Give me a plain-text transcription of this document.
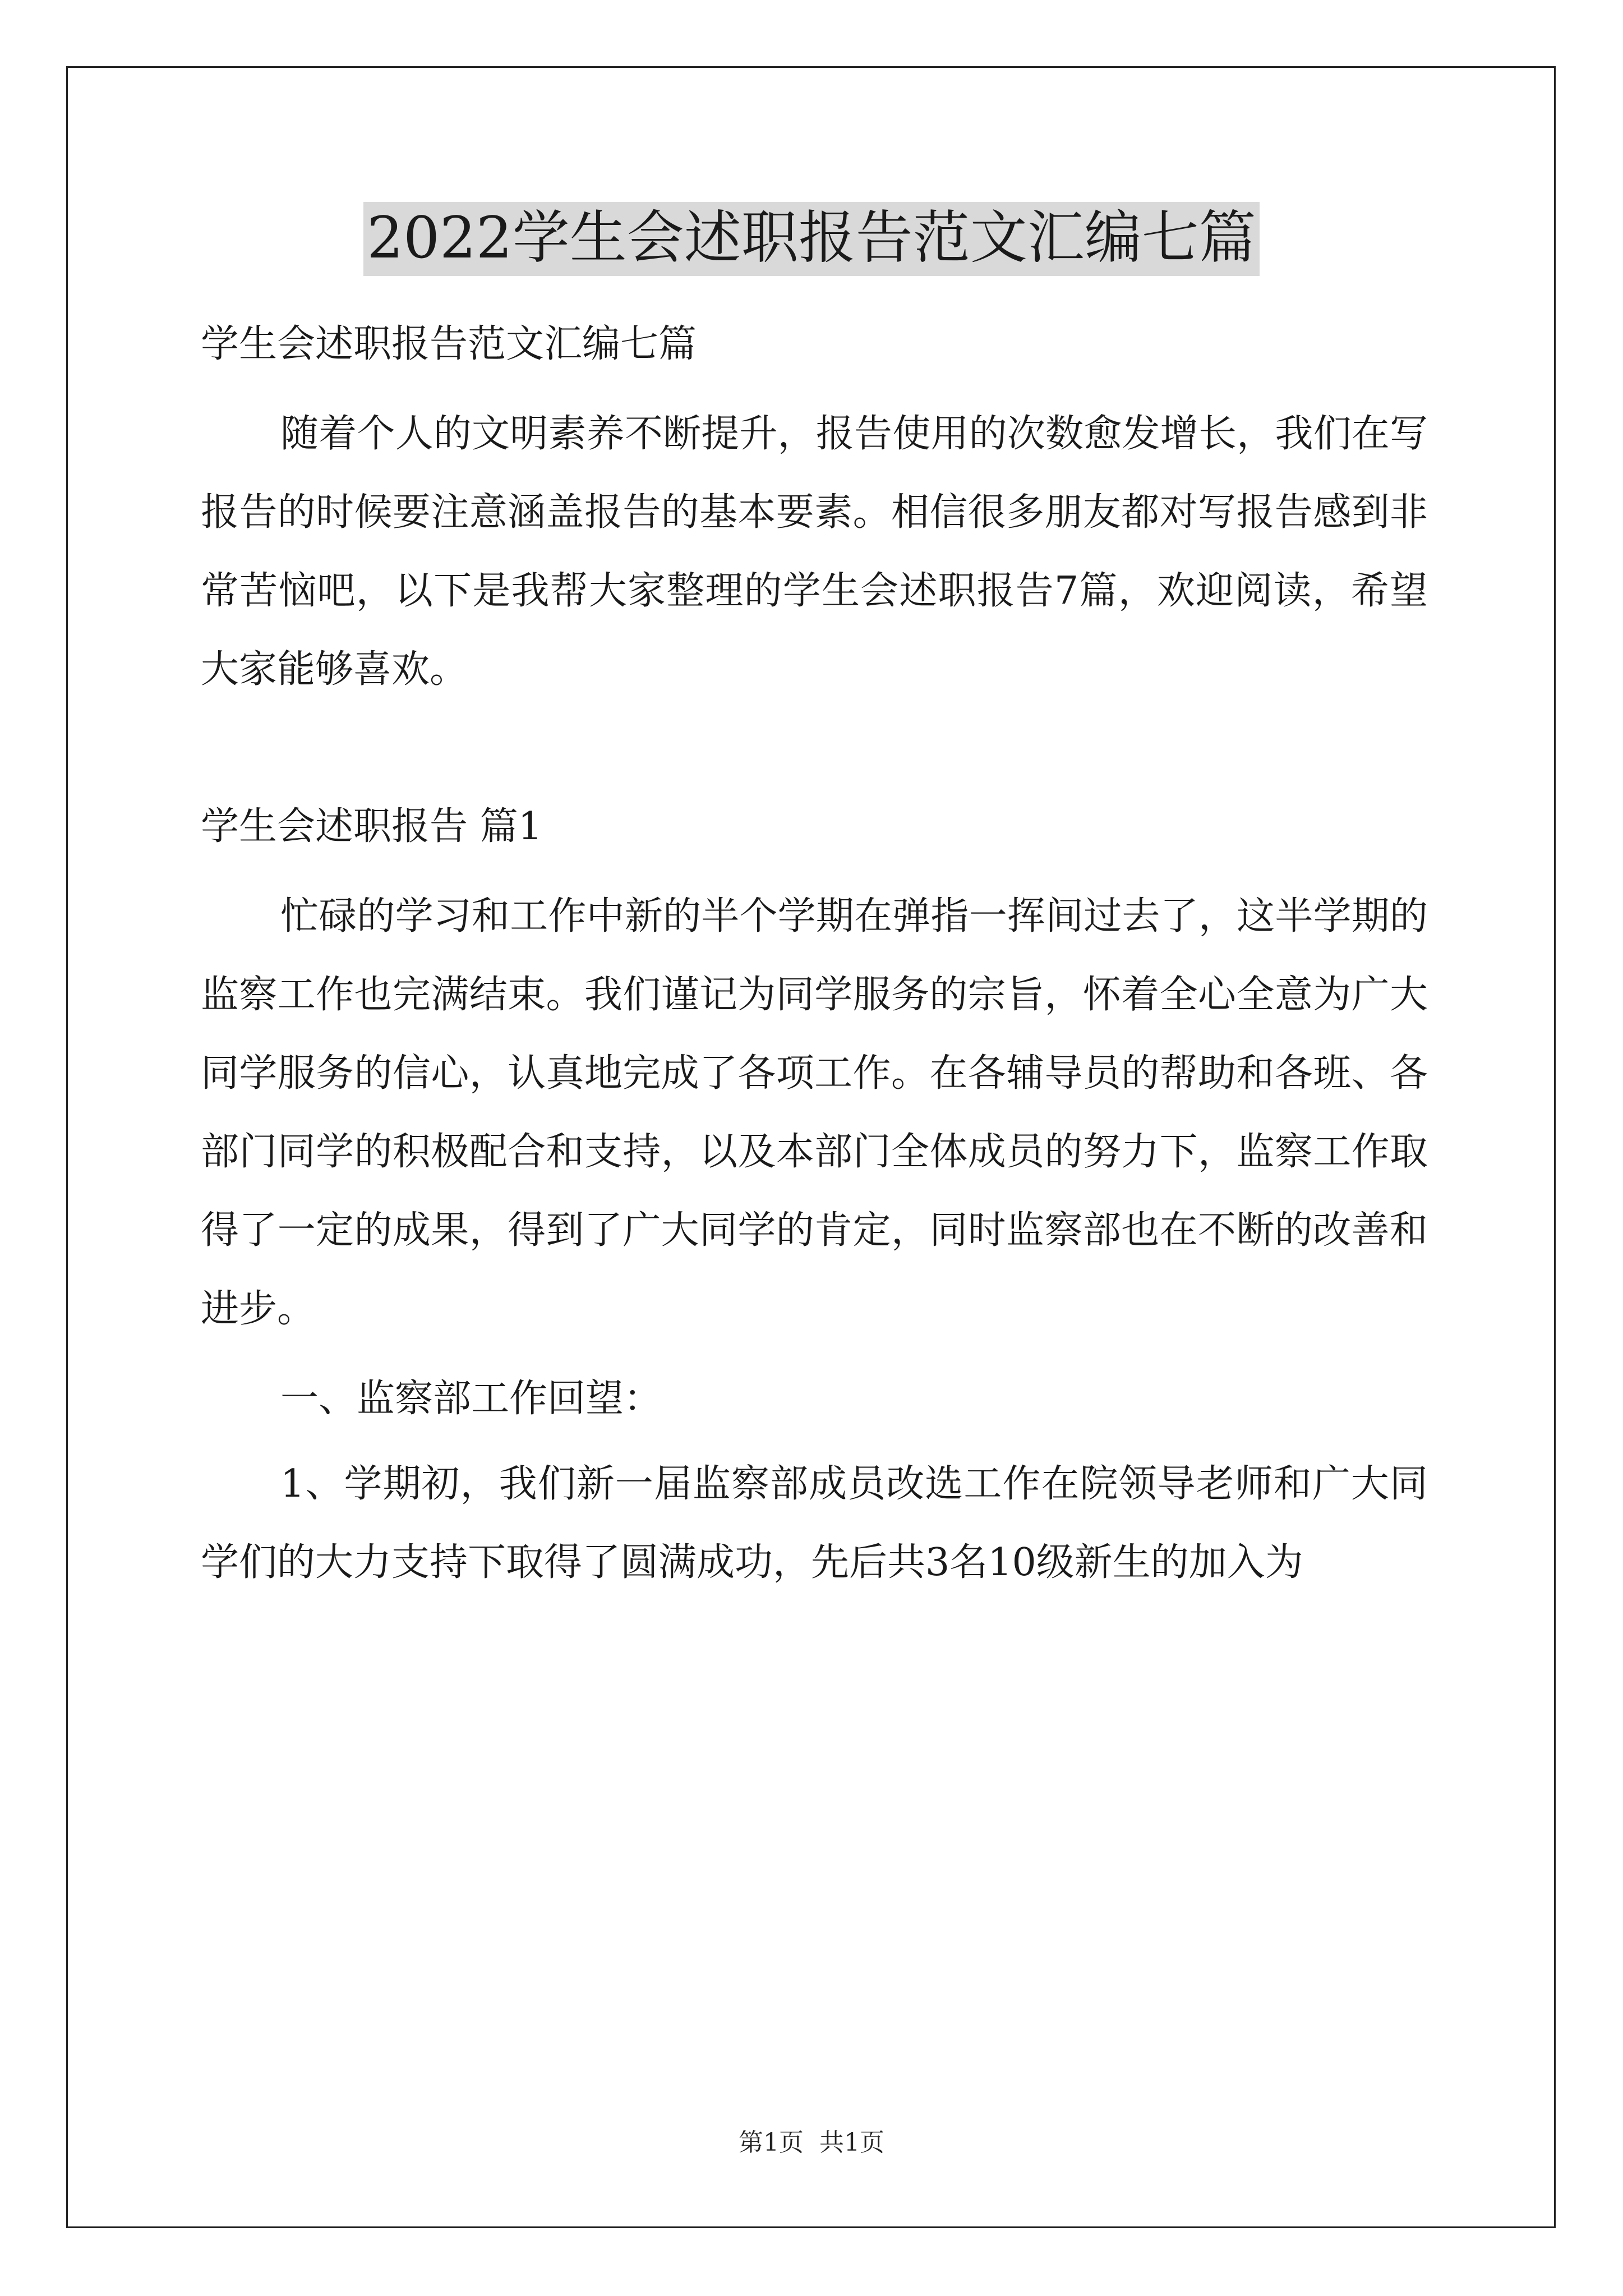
2022学生会述职报告范文汇编七篇

学生会述职报告范文汇编七篇

随着个人的文明素养不断提升，报告使用的次数愈发增长，我们在写报告的时候要注意涵盖报告的基本要素。相信很多朋友都对写报告感到非常苦恼吧，以下是我帮大家整理的学生会述职报告7篇，欢迎阅读，希望大家能够喜欢。

学生会述职报告 篇1

忙碌的学习和工作中新的半个学期在弹指一挥间过去了，这半学期的监察工作也完满结束。我们谨记为同学服务的宗旨，怀着全心全意为广大同学服务的信心，认真地完成了各项工作。在各辅导员的帮助和各班、各部门同学的积极配合和支持，以及本部门全体成员的努力下，监察工作取得了一定的成果，得到了广大同学的肯定，同时监察部也在不断的改善和进步。

一、监察部工作回望：

1、学期初，我们新一届监察部成员改选工作在院领导老师和广大同学们的大力支持下取得了圆满成功，先后共3名10级新生的加入为

第1页 共1页
